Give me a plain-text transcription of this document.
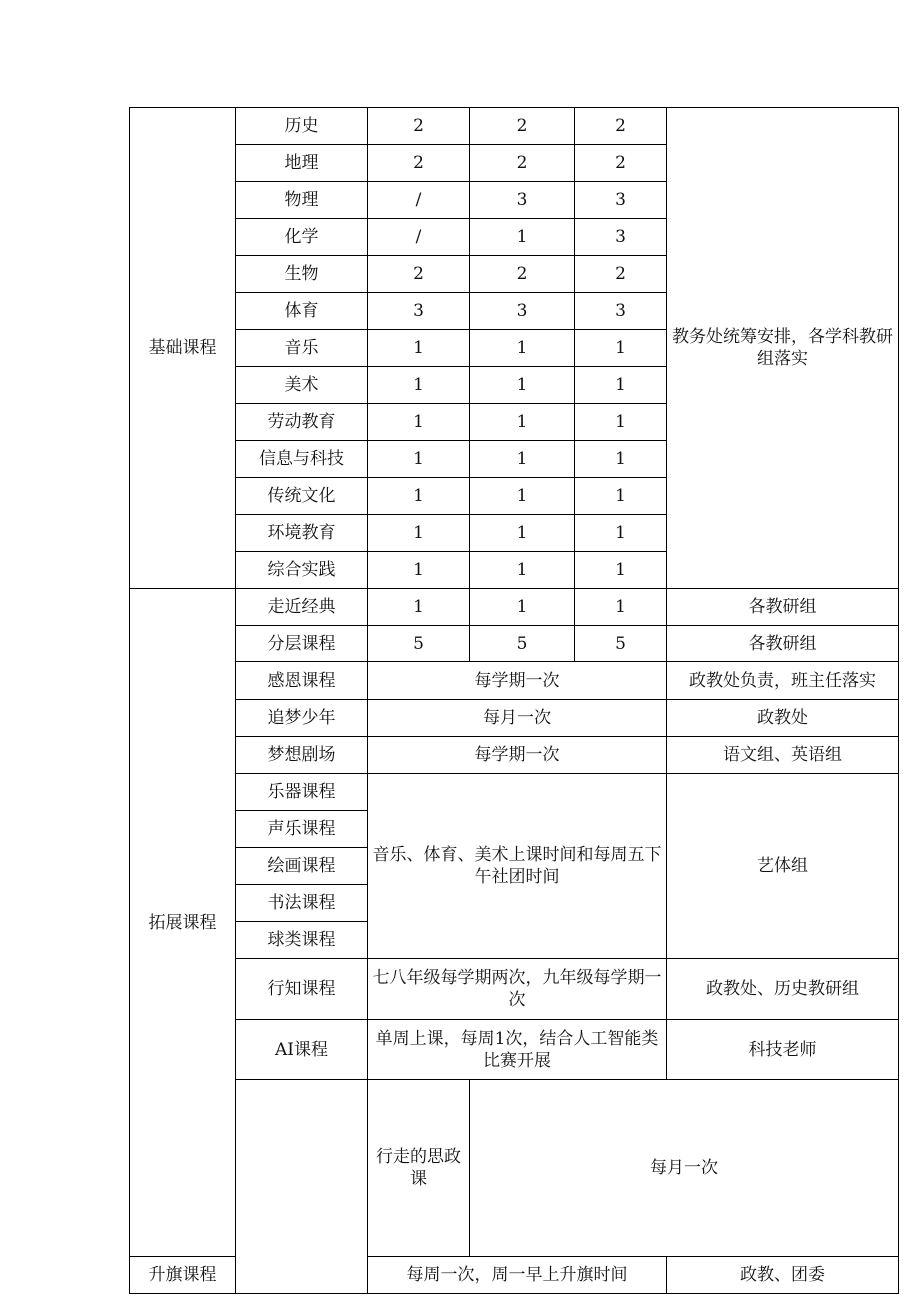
基础课程	历史	2	2	2	教务处统筹安排，各学科教研组落实	

	地理	2	2	2		
	物理	/	3	3		
	化学	/	1	3		
	生物	2	2	2		
	体育	3	3	3		
	音乐	1	1	1		
	美术	1	1	1		
	劳动教育	1	1	1		
	信息与科技	1	1	1		
	传统文化	1	1	1		
	环境教育	1	1	1		
	综合实践	1	1	1		
拓展课程	走近经典	1	1	1	各教研组	
	分层课程	5	5	5	各教研组	
	感恩课程	每学期一次			政教处负责，班主任落实	
	追梦少年	每月一次			政教处	
	梦想剧场	每学期一次			语文组、英语组	
	乐器课程	音乐、体育、美术上课时间和每周五下午社团时间			艺体组	
	声乐课程					
	绘画课程					
	书法课程					
	球类课程					
	行知课程	七八年级每学期两次，九年级每学期一次			政教处、历史教研组	
	AI课程	单周上课，每周1次，结合人工智能类比赛开展			科技老师	
		行走的思政课	每月一次	
升旗课程		每周一次，周一早上升旗时间			政教、团委	
